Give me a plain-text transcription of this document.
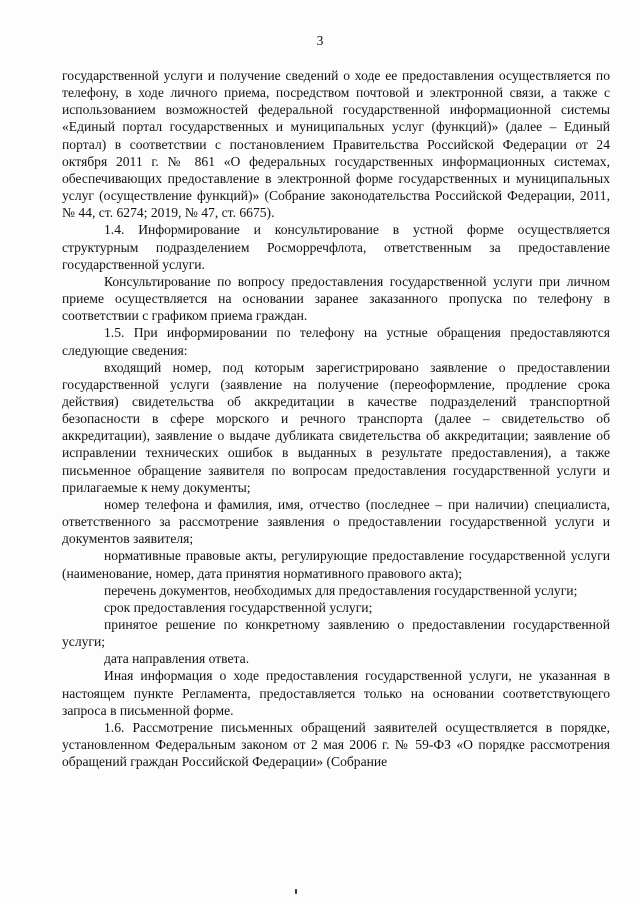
3

государственной услуги и получение сведений о ходе ее предоставления осуществляется по телефону, в ходе личного приема, посредством почтовой и электронной связи, а также с использованием возможностей федеральной государственной информационной системы «Единый портал государственных и муниципальных услуг (функций)» (далее – Единый портал) в соответствии с постановлением Правительства Российской Федерации от 24 октября 2011 г. № 861 «О федеральных государственных информационных системах, обеспечивающих предоставление в электронной форме государственных и муниципальных услуг (осуществление функций)» (Собрание законодательства Российской Федерации, 2011, № 44, ст. 6274; 2019, № 47, ст. 6675).

1.4. Информирование и консультирование в устной форме осуществляется структурным подразделением Росморречфлота, ответственным за предоставление государственной услуги.

Консультирование по вопросу предоставления государственной услуги при личном приеме осуществляется на основании заранее заказанного пропуска по телефону в соответствии с графиком приема граждан.

1.5. При информировании по телефону на устные обращения предоставляются следующие сведения:

входящий номер, под которым зарегистрировано заявление о предоставлении государственной услуги (заявление на получение (переоформление, продление срока действия) свидетельства об аккредитации в качестве подразделений транспортной безопасности в сфере морского и речного транспорта (далее – свидетельство об аккредитации), заявление о выдаче дубликата свидетельства об аккредитации; заявление об исправлении технических ошибок в выданных в результате предоставления), а также письменное обращение заявителя по вопросам предоставления государственной услуги и прилагаемые к нему документы;

номер телефона и фамилия, имя, отчество (последнее – при наличии) специалиста, ответственного за рассмотрение заявления о предоставлении государственной услуги и документов заявителя;

нормативные правовые акты, регулирующие предоставление государственной услуги (наименование, номер, дата принятия нормативного правового акта);

перечень документов, необходимых для предоставления государственной услуги;

срок предоставления государственной услуги;

принятое решение по конкретному заявлению о предоставлении государственной услуги;

дата направления ответа.

Иная информация о ходе предоставления государственной услуги, не указанная в настоящем пункте Регламента, предоставляется только на основании соответствующего запроса в письменной форме.

1.6. Рассмотрение письменных обращений заявителей осуществляется в порядке, установленном Федеральным законом от 2 мая 2006 г. № 59-ФЗ «О порядке рассмотрения обращений граждан Российской Федерации» (Собрание
